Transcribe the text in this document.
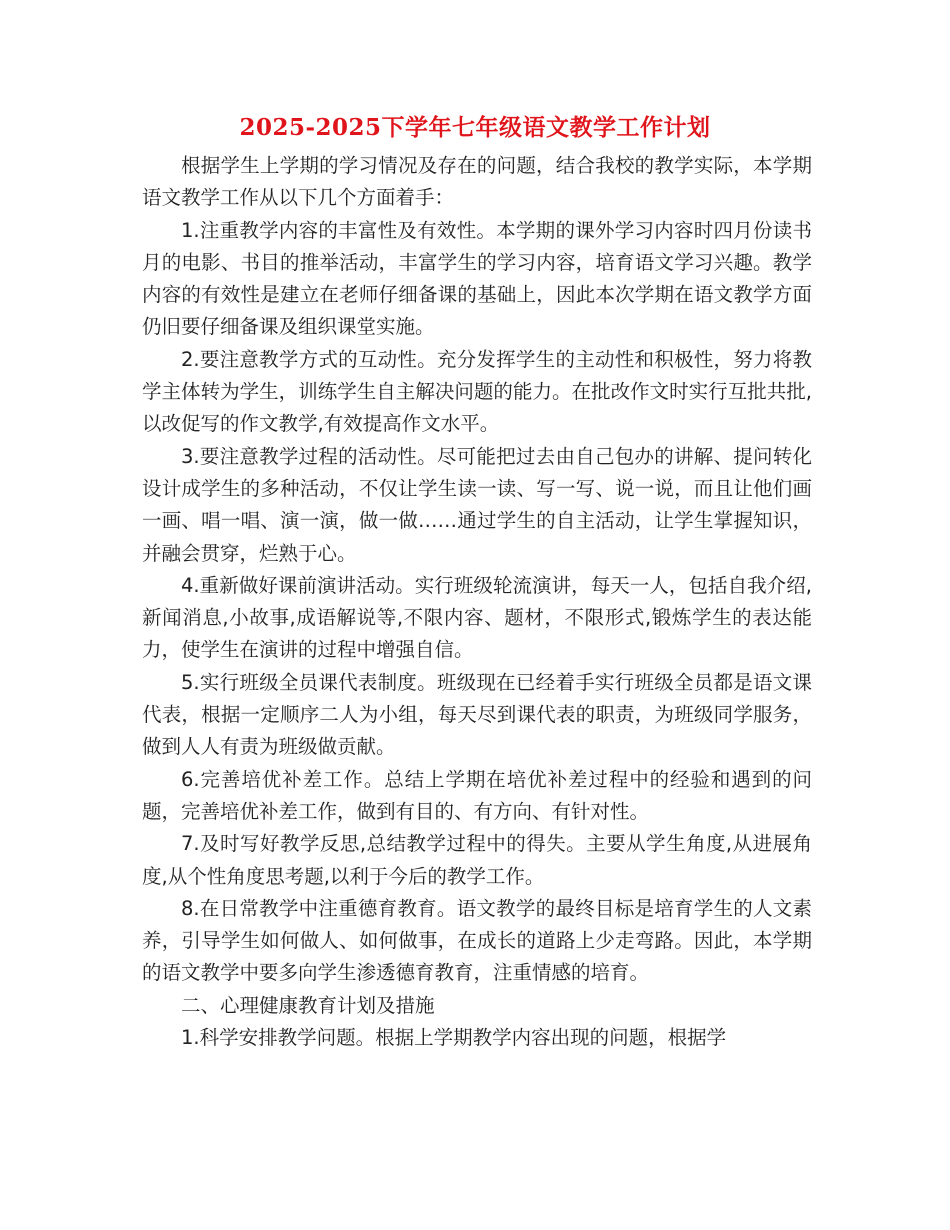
2025-2025下学年七年级语文教学工作计划

根据学生上学期的学习情况及存在的问题，结合我校的教学实际，本学期语文教学工作从以下几个方面着手：

1.注重教学内容的丰富性及有效性。本学期的课外学习内容时四月份读书月的电影、书目的推举活动，丰富学生的学习内容，培育语文学习兴趣。教学内容的有效性是建立在老师仔细备课的基础上，因此本次学期在语文教学方面仍旧要仔细备课及组织课堂实施。

2.要注意教学方式的互动性。充分发挥学生的主动性和积极性，努力将教学主体转为学生，训练学生自主解决问题的能力。在批改作文时实行互批共批,以改促写的作文教学,有效提高作文水平。

3.要注意教学过程的活动性。尽可能把过去由自己包办的讲解、提问转化设计成学生的多种活动，不仅让学生读一读、写一写、说一说，而且让他们画一画、唱一唱、演一演，做一做……通过学生的自主活动，让学生掌握知识，并融会贯穿，烂熟于心。

4.重新做好课前演讲活动。实行班级轮流演讲，每天一人，包括自我介绍,新闻消息,小故事,成语解说等,不限内容、题材，不限形式,锻炼学生的表达能力，使学生在演讲的过程中增强自信。

5.实行班级全员课代表制度。班级现在已经着手实行班级全员都是语文课代表，根据一定顺序二人为小组，每天尽到课代表的职责，为班级同学服务，做到人人有责为班级做贡献。

6.完善培优补差工作。总结上学期在培优补差过程中的经验和遇到的问题，完善培优补差工作，做到有目的、有方向、有针对性。

7.及时写好教学反思,总结教学过程中的得失。主要从学生角度,从进展角度,从个性角度思考题,以利于今后的教学工作。

8.在日常教学中注重德育教育。语文教学的最终目标是培育学生的人文素养，引导学生如何做人、如何做事，在成长的道路上少走弯路。因此，本学期的语文教学中要多向学生渗透德育教育，注重情感的培育。

二、心理健康教育计划及措施

1.科学安排教学问题。根据上学期教学内容出现的问题，根据学
